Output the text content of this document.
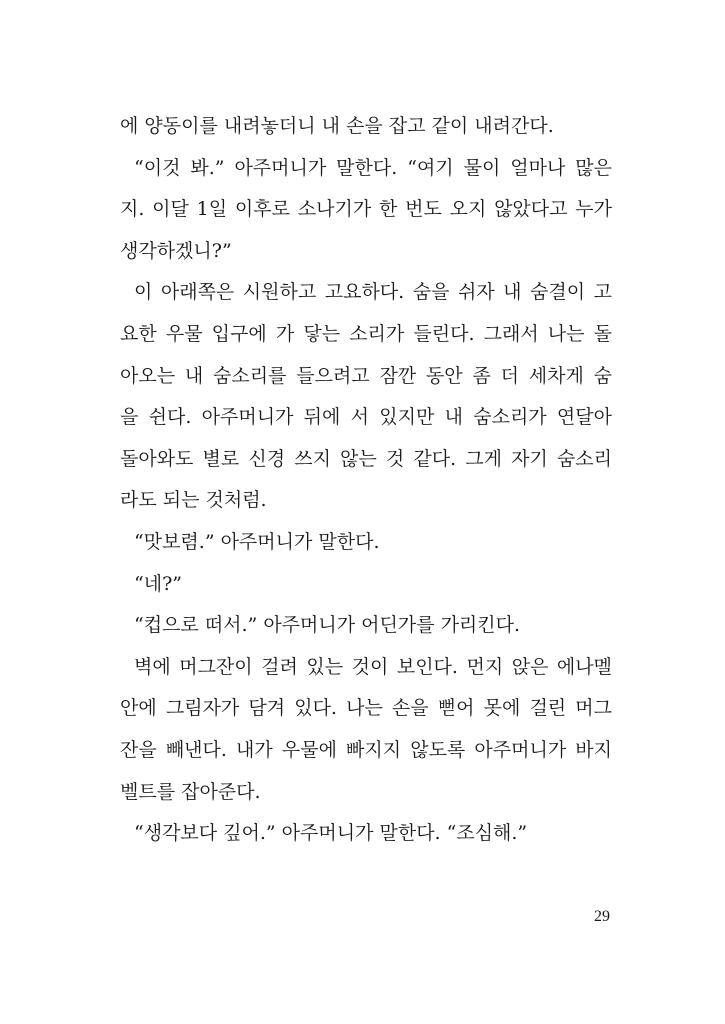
에 양동이를 내려놓더니 내 손을 잡고 같이 내려간다.
“이것 봐.” 아주머니가 말한다. “여기 물이 얼마나 많은
지. 이달 1일 이후로 소나기가 한 번도 오지 않았다고 누가
생각하겠니?”
이 아래쪽은 시원하고 고요하다. 숨을 쉬자 내 숨결이 고
요한 우물 입구에 가 닿는 소리가 들린다. 그래서 나는 돌
아오는 내 숨소리를 들으려고 잠깐 동안 좀 더 세차게 숨
을 쉰다. 아주머니가 뒤에 서 있지만 내 숨소리가 연달아
돌아와도 별로 신경 쓰지 않는 것 같다. 그게 자기 숨소리
라도 되는 것처럼.
“맛보렴.” 아주머니가 말한다.
“네?”
“컵으로 떠서.” 아주머니가 어딘가를 가리킨다.
벽에 머그잔이 걸려 있는 것이 보인다. 먼지 앉은 에나멜
안에 그림자가 담겨 있다. 나는 손을 뻗어 못에 걸린 머그
잔을 빼낸다. 내가 우물에 빠지지 않도록 아주머니가 바지
벨트를 잡아준다.
“생각보다 깊어.” 아주머니가 말한다. “조심해.”
29
